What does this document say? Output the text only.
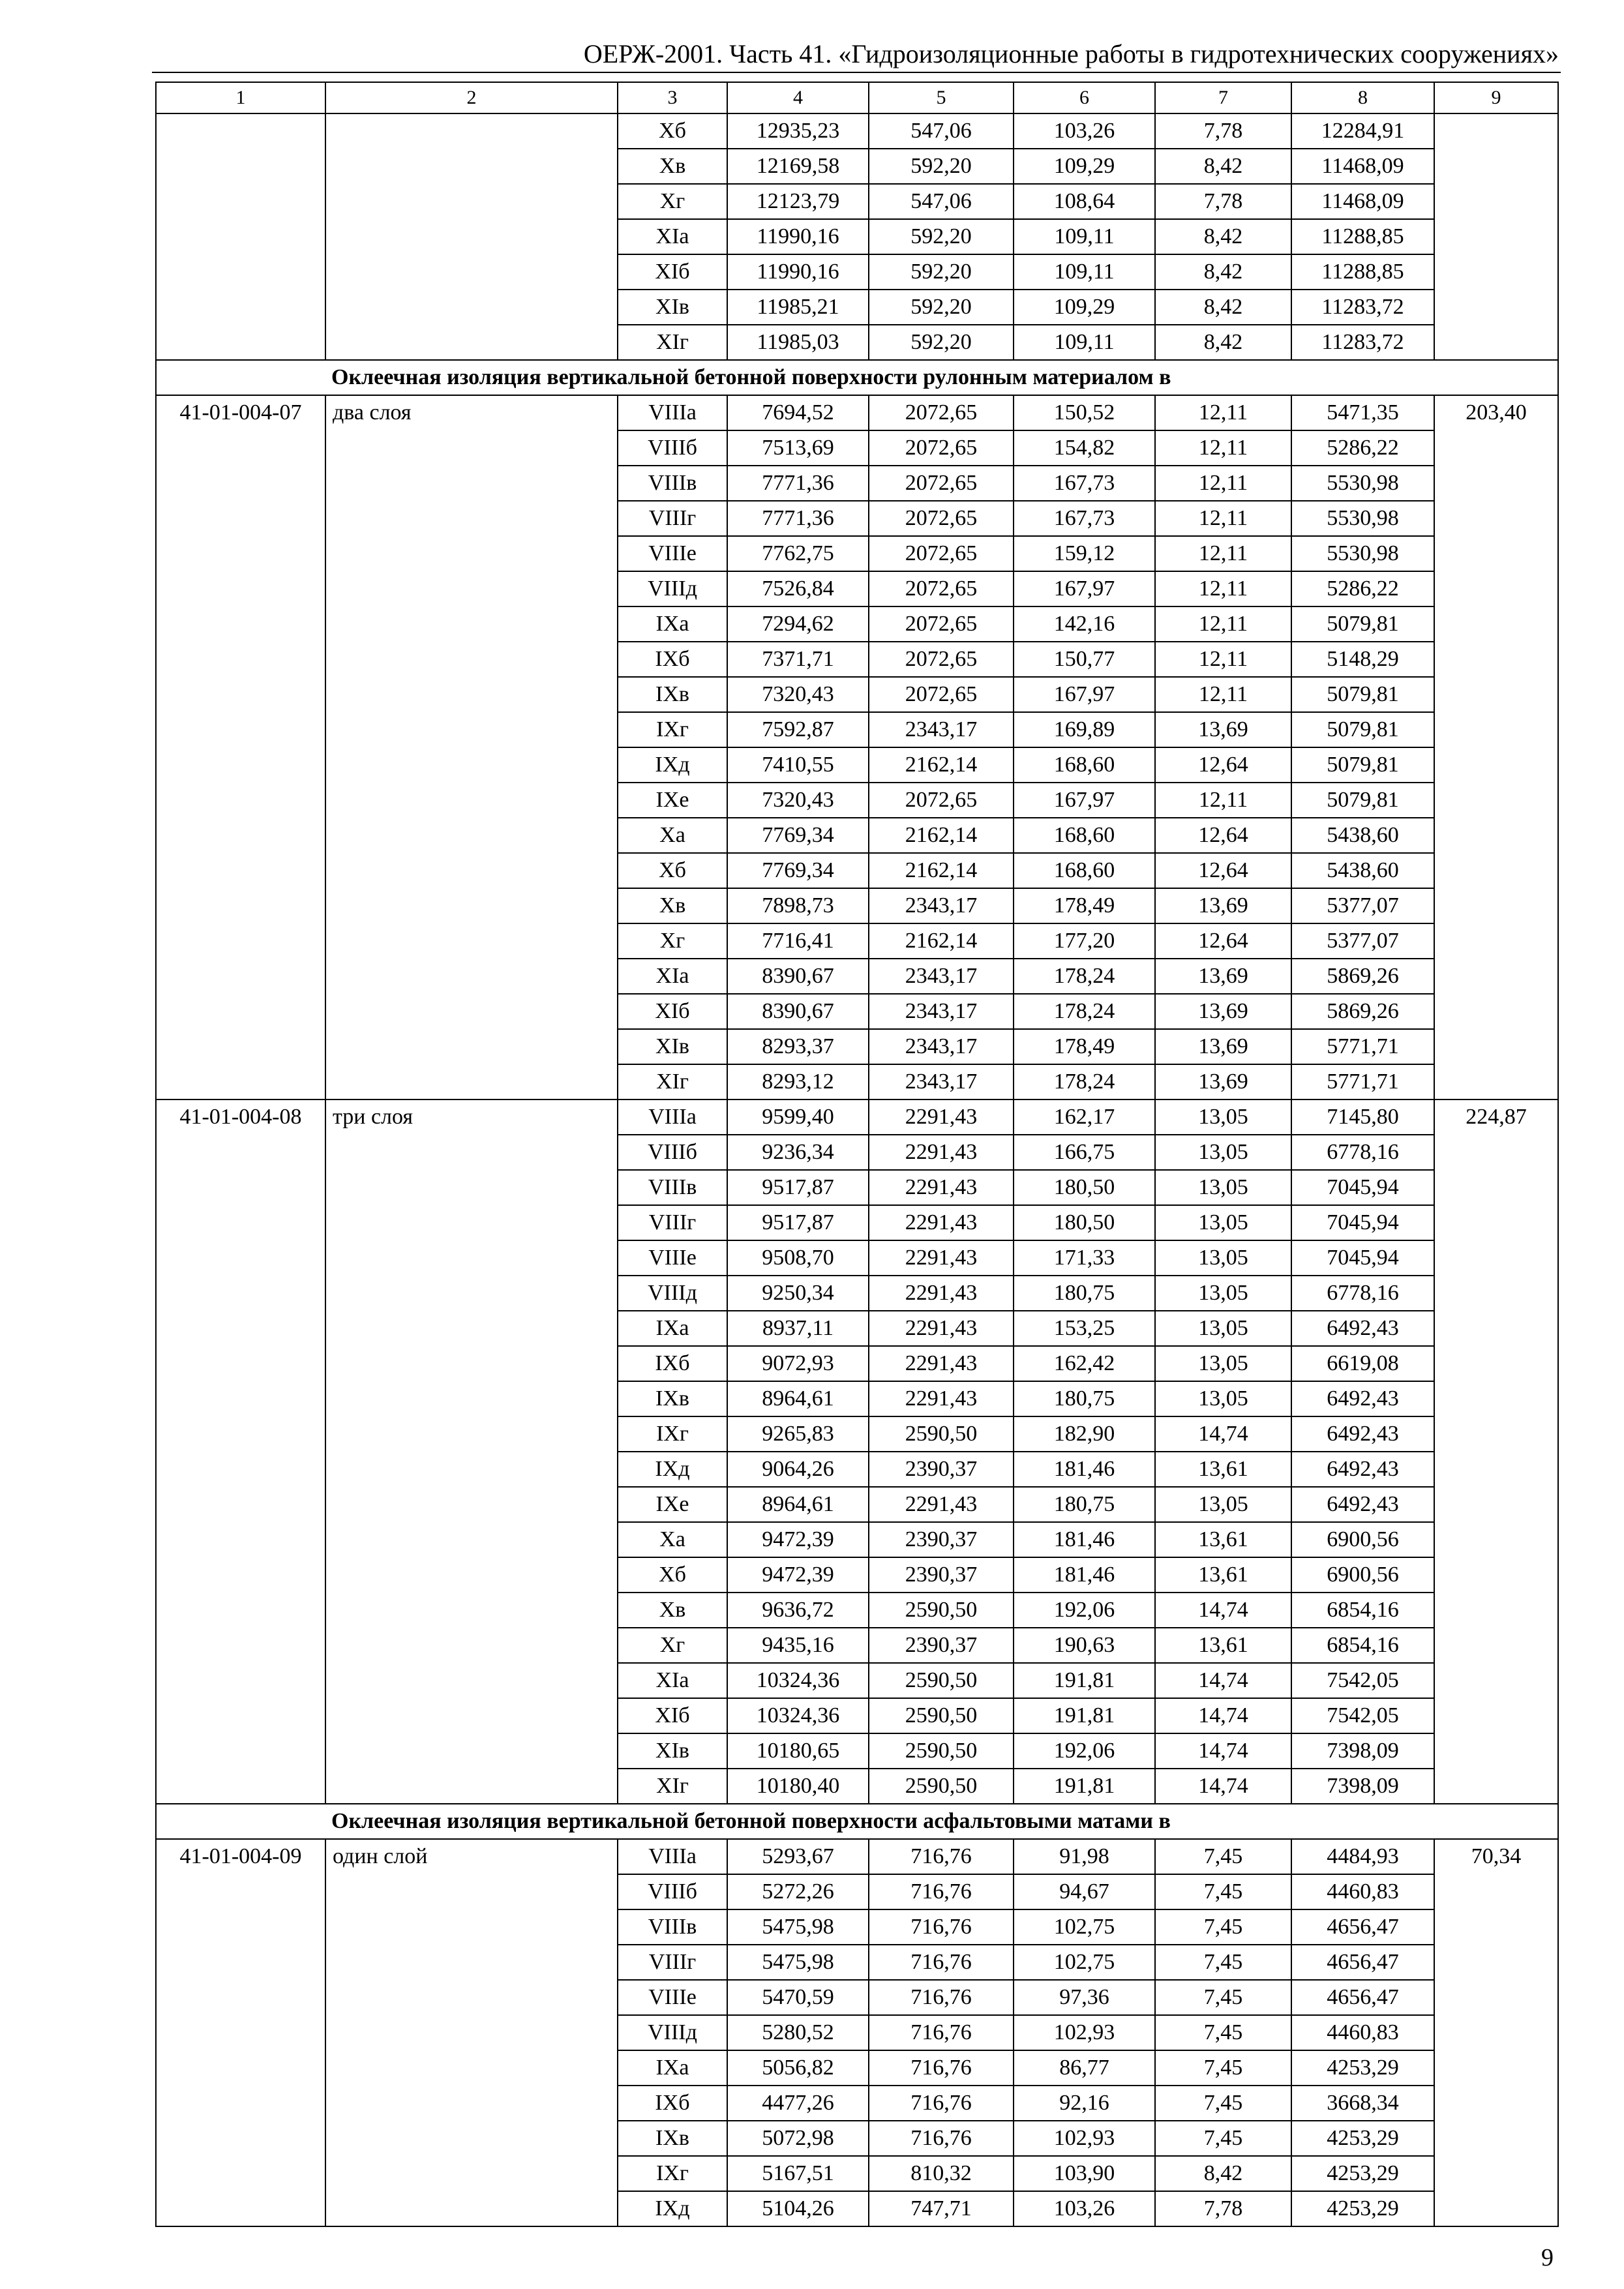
ОЕРЖ-2001. Часть 41. «Гидроизоляционные работы в гидротехнических сооружениях»
1	2	3	4	5	6	7	8	9
		Xб	12935,23	547,06	103,26	7,78	12284,91	
		Xв	12169,58	592,20	109,29	8,42	11468,09	
		Xг	12123,79	547,06	108,64	7,78	11468,09	
		XIа	11990,16	592,20	109,11	8,42	11288,85	
		XIб	11990,16	592,20	109,11	8,42	11288,85	
		XIв	11985,21	592,20	109,29	8,42	11283,72	
		XIг	11985,03	592,20	109,11	8,42	11283,72	
Оклеечная изоляция вертикальной бетонной поверхности рулонным материалом в								
41-01-004-07	два слоя	VIIIа	7694,52	2072,65	150,52	12,11	5471,35	203,40
		VIIIб	7513,69	2072,65	154,82	12,11	5286,22	
		VIIIв	7771,36	2072,65	167,73	12,11	5530,98	
		VIIIг	7771,36	2072,65	167,73	12,11	5530,98	
		VIIIе	7762,75	2072,65	159,12	12,11	5530,98	
		VIIIд	7526,84	2072,65	167,97	12,11	5286,22	
		IXа	7294,62	2072,65	142,16	12,11	5079,81	
		IXб	7371,71	2072,65	150,77	12,11	5148,29	
		IXв	7320,43	2072,65	167,97	12,11	5079,81	
		IXг	7592,87	2343,17	169,89	13,69	5079,81	
		IXд	7410,55	2162,14	168,60	12,64	5079,81	
		IXе	7320,43	2072,65	167,97	12,11	5079,81	
		Xа	7769,34	2162,14	168,60	12,64	5438,60	
		Xб	7769,34	2162,14	168,60	12,64	5438,60	
		Xв	7898,73	2343,17	178,49	13,69	5377,07	
		Xг	7716,41	2162,14	177,20	12,64	5377,07	
		XIа	8390,67	2343,17	178,24	13,69	5869,26	
		XIб	8390,67	2343,17	178,24	13,69	5869,26	
		XIв	8293,37	2343,17	178,49	13,69	5771,71	
		XIг	8293,12	2343,17	178,24	13,69	5771,71	
41-01-004-08	три слоя	VIIIа	9599,40	2291,43	162,17	13,05	7145,80	224,87
		VIIIб	9236,34	2291,43	166,75	13,05	6778,16	
		VIIIв	9517,87	2291,43	180,50	13,05	7045,94	
		VIIIг	9517,87	2291,43	180,50	13,05	7045,94	
		VIIIе	9508,70	2291,43	171,33	13,05	7045,94	
		VIIIд	9250,34	2291,43	180,75	13,05	6778,16	
		IXа	8937,11	2291,43	153,25	13,05	6492,43	
		IXб	9072,93	2291,43	162,42	13,05	6619,08	
		IXв	8964,61	2291,43	180,75	13,05	6492,43	
		IXг	9265,83	2590,50	182,90	14,74	6492,43	
		IXд	9064,26	2390,37	181,46	13,61	6492,43	
		IXе	8964,61	2291,43	180,75	13,05	6492,43	
		Xа	9472,39	2390,37	181,46	13,61	6900,56	
		Xб	9472,39	2390,37	181,46	13,61	6900,56	
		Xв	9636,72	2590,50	192,06	14,74	6854,16	
		Xг	9435,16	2390,37	190,63	13,61	6854,16	
		XIа	10324,36	2590,50	191,81	14,74	7542,05	
		XIб	10324,36	2590,50	191,81	14,74	7542,05	
		XIв	10180,65	2590,50	192,06	14,74	7398,09	
		XIг	10180,40	2590,50	191,81	14,74	7398,09	
Оклеечная изоляция вертикальной бетонной поверхности асфальтовыми матами в								
41-01-004-09	один слой	VIIIа	5293,67	716,76	91,98	7,45	4484,93	70,34
		VIIIб	5272,26	716,76	94,67	7,45	4460,83	
		VIIIв	5475,98	716,76	102,75	7,45	4656,47	
		VIIIг	5475,98	716,76	102,75	7,45	4656,47	
		VIIIе	5470,59	716,76	97,36	7,45	4656,47	
		VIIIд	5280,52	716,76	102,93	7,45	4460,83	
		IXа	5056,82	716,76	86,77	7,45	4253,29	
		IXб	4477,26	716,76	92,16	7,45	3668,34	
		IXв	5072,98	716,76	102,93	7,45	4253,29	
		IXг	5167,51	810,32	103,90	8,42	4253,29	
		IXд	5104,26	747,71	103,26	7,78	4253,29	
9
